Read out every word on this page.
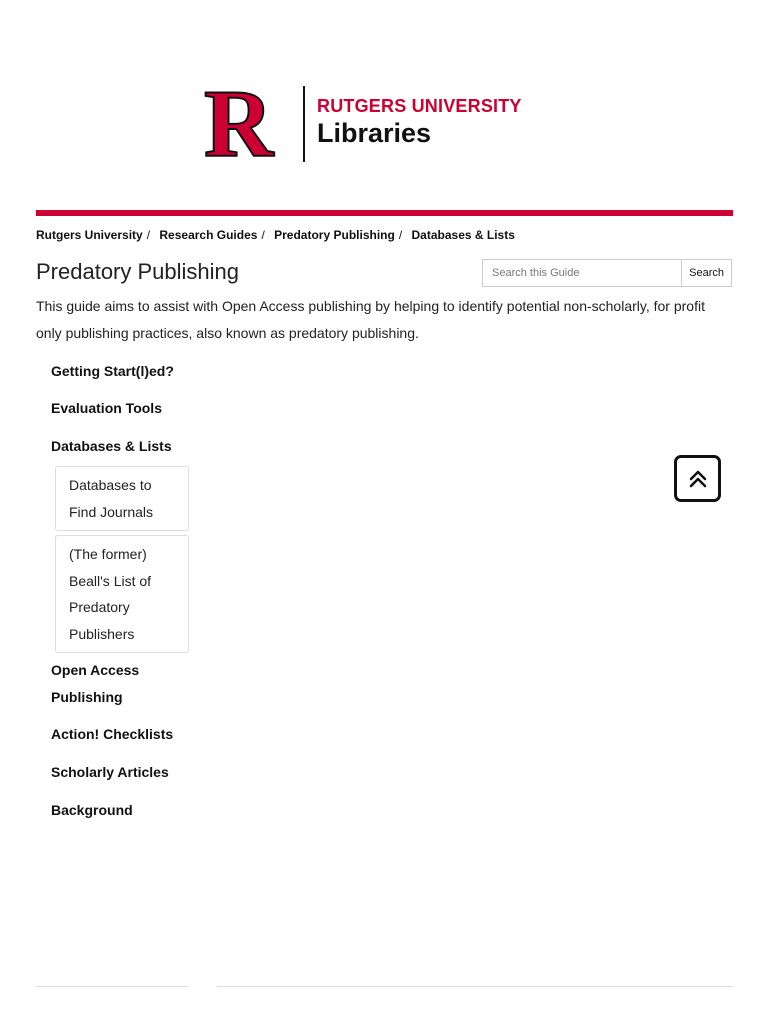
R	RUTGERS UNIVERSITY
Libraries
Rutgers University / Research Guides / Predatory Publishing / Databases & Lists
Predatory Publishing
Search this Guide	Search

This guide aims to assist with Open Access publishing by helping to identify potential non-scholarly, for profit only publishing practices, also known as predatory publishing.

Getting Start(l)ed?
Evaluation Tools
Databases & Lists
Databases to Find Journals
(The former) Beall's List of Predatory Publishers
Open Access Publishing
Action! Checklists
Scholarly Articles
Background
